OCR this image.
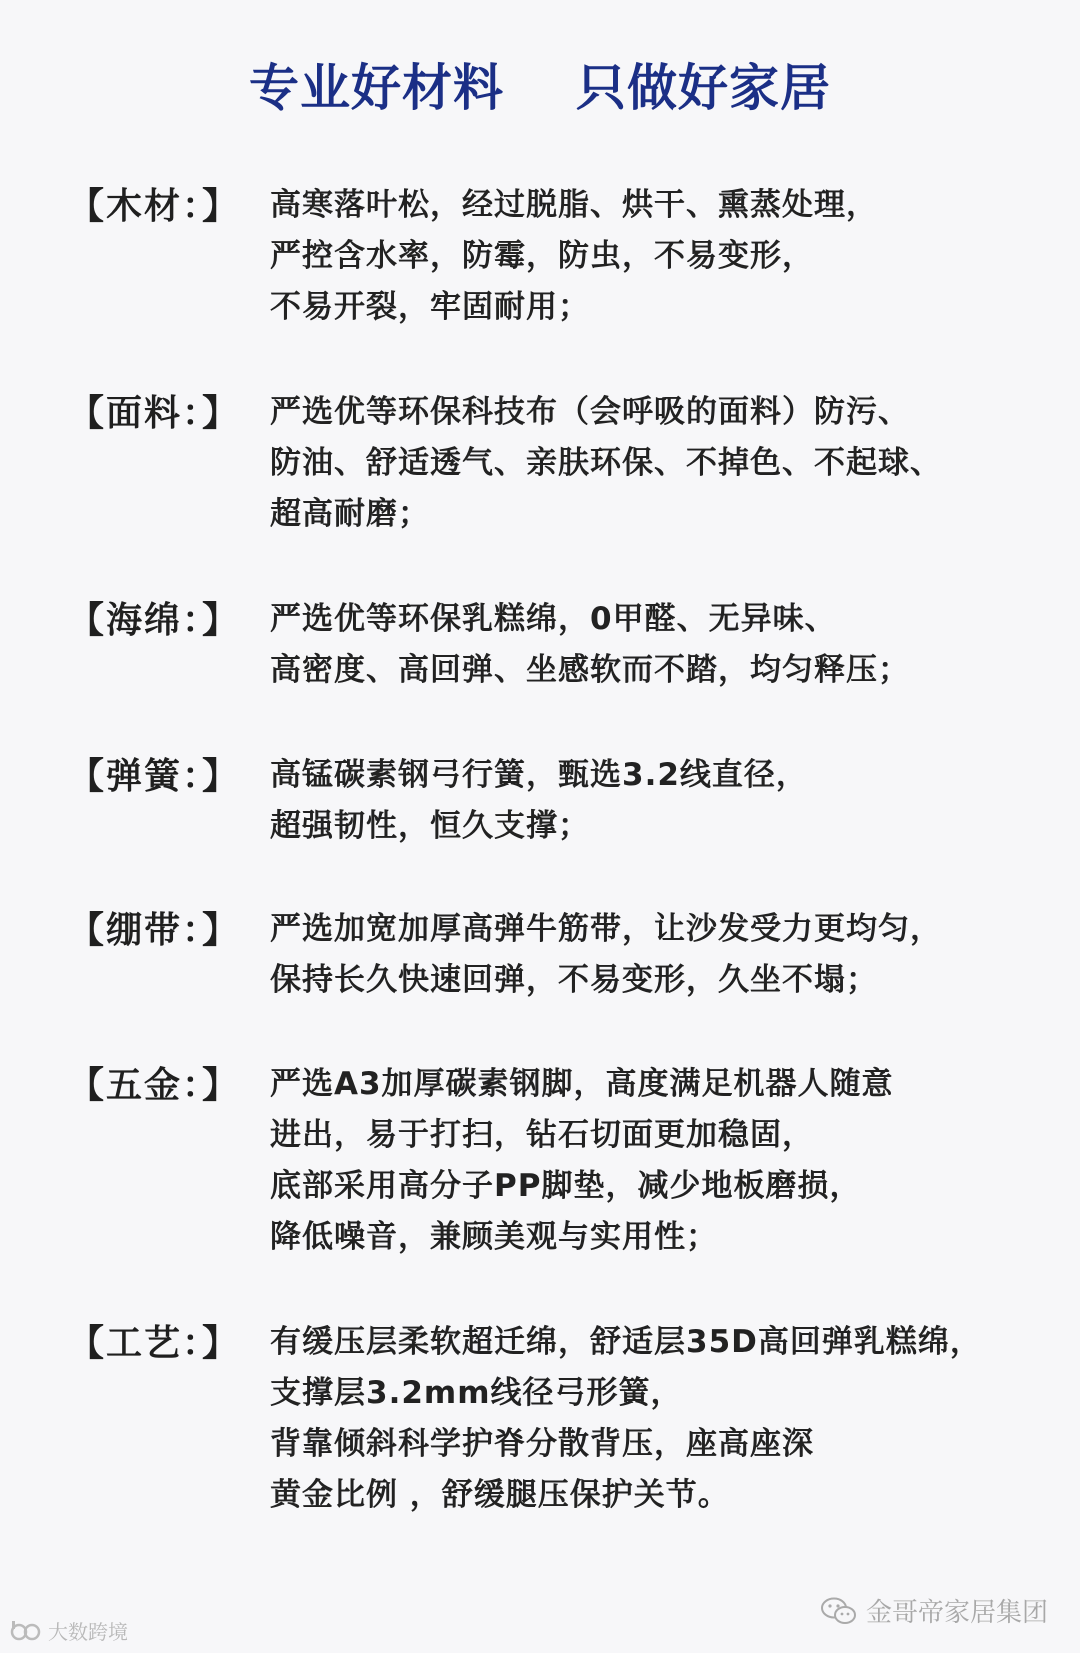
专业好材料 只做好家居
【木材：】 高寒落叶松，经过脱脂、烘干、熏蒸处理，
严控含水率，防霉，防虫，不易变形，
不易开裂，牢固耐用；
【面料：】 严选优等环保科技布（会呼吸的面料）防污、
防油、舒适透气、亲肤环保、不掉色、不起球、
超高耐磨；
【海绵：】 严选优等环保乳糕绵，0甲醛、无异味、
高密度、高回弹、坐感软而不踏，均匀释压；
【弹簧：】 高锰碳素钢弓行簧，甄选3.2线直径，
超强韧性，恒久支撑；
【绷带：】 严选加宽加厚高弹牛筋带，让沙发受力更均匀，
保持长久快速回弹，不易变形，久坐不塌；
【五金：】 严选A3加厚碳素钢脚，高度满足机器人随意
进出，易于打扫，钻石切面更加稳固，
底部采用高分子PP脚垫，减少地板磨损，
降低噪音，兼顾美观与实用性；
【工艺：】 有缓压层柔软超迁绵，舒适层35D高回弹乳糕绵，
支撑层3.2mm线径弓形簧，
背靠倾斜科学护脊分散背压，座高座深
黄金比例 ，舒缓腿压保护关节。
大数跨境
金哥帝家居集团
